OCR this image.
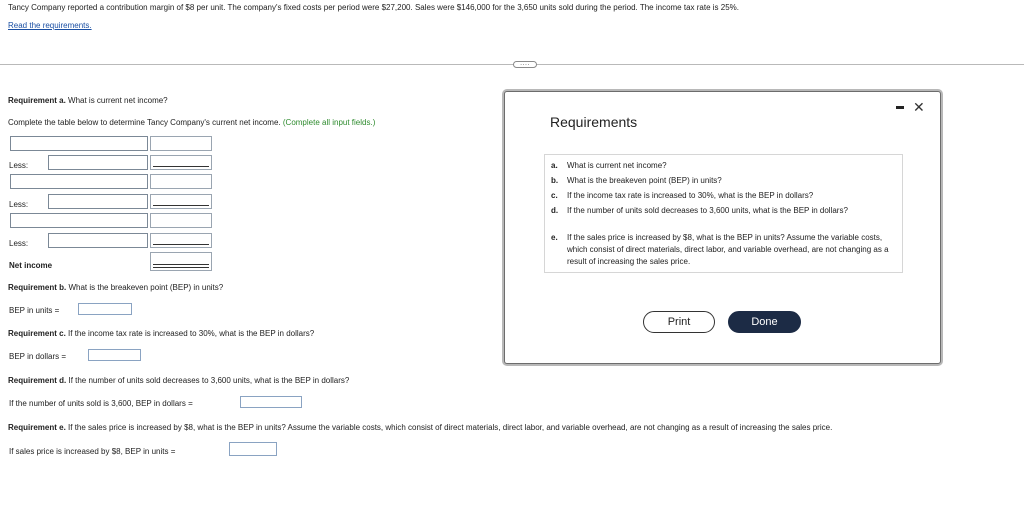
Tancy Company reported a contribution margin of $8 per unit. The company's fixed costs per period were $27,200. Sales were $146,000 for the 3,650 units sold during the period. The income tax rate is 25%.
Read the requirements.
....
Requirement a. What is current net income?
Complete the table below to determine Tancy Company's current net income. (Complete all input fields.)
Less:
Less:
Less:
Net income
Requirement b. What is the breakeven point (BEP) in units?
BEP in units =
Requirement c. If the income tax rate is increased to 30%, what is the BEP in dollars?
BEP in dollars =
Requirement d. If the number of units sold decreases to 3,600 units, what is the BEP in dollars?
If the number of units sold is 3,600, BEP in dollars =
Requirement e. If the sales price is increased by $8, what is the BEP in units? Assume the variable costs, which consist of direct materials, direct labor, and variable overhead, are not changing as a result of increasing the sales price.
If sales price is increased by $8, BEP in units =
Requirements
✕
a. What is current net income?
b. What is the breakeven point (BEP) in units?
c. If the income tax rate is increased to 30%, what is the BEP in dollars?
d. If the number of units sold decreases to 3,600 units, what is the BEP in dollars?
e. If the sales price is increased by $8, what is the BEP in units? Assume the variable costs, which consist of direct materials, direct labor, and variable overhead, are not changing as a result of increasing the sales price.
Print	Done
